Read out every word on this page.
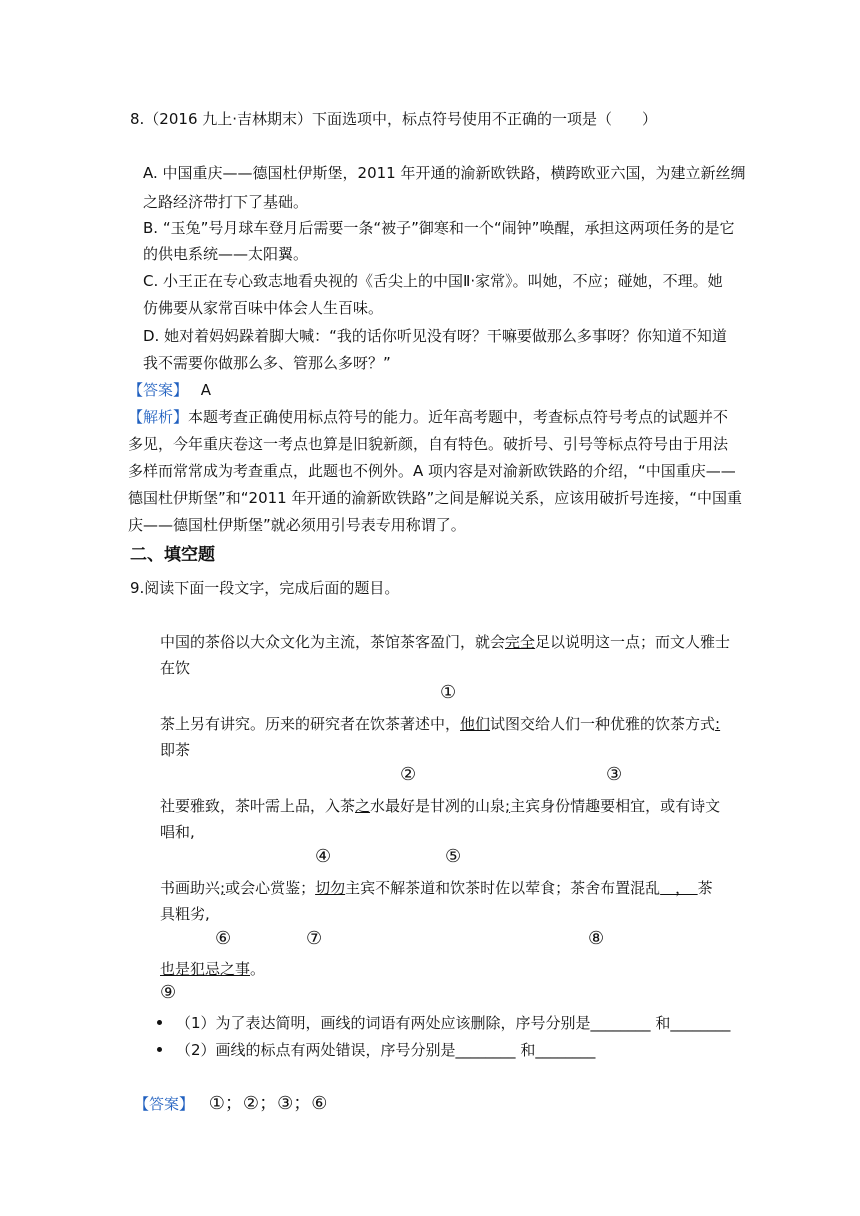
8.（2016 九上·吉林期末）下面选项中，标点符号使用不正确的一项是（　　）
A. 中国重庆——德国杜伊斯堡，2011 年开通的渝新欧铁路，横跨欧亚六国，为建立新丝绸
之路经济带打下了基础。
B. “玉兔”号月球车登月后需要一条“被子”御寒和一个“闹钟”唤醒，承担这两项任务的是它
的供电系统——太阳翼。
C. 小王正在专心致志地看央视的《舌尖上的中国Ⅱ·家常》。叫她，不应；碰她，不理。她
仿佛要从家常百味中体会人生百味。
D. 她对着妈妈跺着脚大喊：“我的话你听见没有呀？干嘛要做那么多事呀？你知道不知道
我不需要你做那么多、管那么多呀？”
【答案】 A
【解析】本题考查正确使用标点符号的能力。近年高考题中，考查标点符号考点的试题并不
多见，今年重庆卷这一考点也算是旧貌新颜，自有特色。破折号、引号等标点符号由于用法
多样而常常成为考查重点，此题也不例外。A 项内容是对渝新欧铁路的介绍，“中国重庆——
德国杜伊斯堡”和“2011 年开通的渝新欧铁路”之间是解说关系，应该用破折号连接，“中国重
庆——德国杜伊斯堡”就必须用引号表专用称谓了。
二、填空题
9.阅读下面一段文字，完成后面的题目。
中国的茶俗以大众文化为主流，茶馆茶客盈门，就会完全足以说明这一点；而文人雅士
在饮
①
茶上另有讲究。历来的研究者在饮茶著述中，他们试图交给人们一种优雅的饮茶方式:
即茶
②	③
社要雅致，茶叶需上品，入茶之水最好是甘冽的山泉;主宾身份情趣要相宜，或有诗文
唱和,
④	⑤
书画助兴;或会心赏鉴；切勿主宾不解茶道和饮茶时佐以荤食；茶舍布置混乱　，　茶
具粗劣,
⑥	⑦	⑧
也是犯忌之事。
⑨
（1）为了表达简明，画线的词语有两处应该删除，序号分别是________ 和________
（2）画线的标点有两处错误，序号分别是________ 和________
【答案】 ①；②；③；⑥
